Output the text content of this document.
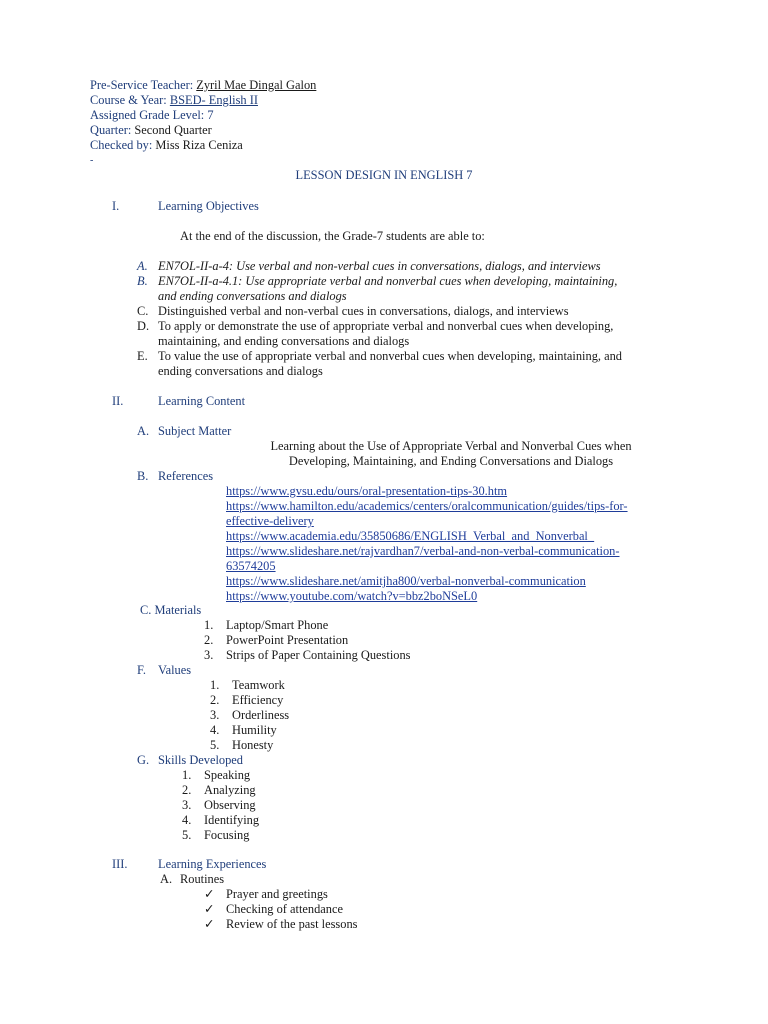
Pre-Service Teacher: Zyril Mae Dingal Galon
Course & Year: BSED- English II
Assigned Grade Level: 7
Quarter: Second Quarter
Checked by: Miss Riza Ceniza
-
LESSON DESIGN IN ENGLISH 7
I.	Learning Objectives
At the end of the discussion, the Grade-7 students are able to:
A. EN7OL-II-a-4: Use verbal and non-verbal cues in conversations, dialogs, and interviews
B. EN7OL-II-a-4.1: Use appropriate verbal and nonverbal cues when developing, maintaining,
and ending conversations and dialogs
C. Distinguished verbal and non-verbal cues in conversations, dialogs, and interviews
D. To apply or demonstrate the use of appropriate verbal and nonverbal cues when developing,
maintaining, and ending conversations and dialogs
E. To value the use of appropriate verbal and nonverbal cues when developing, maintaining, and
ending conversations and dialogs
II.	Learning Content
A. Subject Matter
Learning about the Use of Appropriate Verbal and Nonverbal Cues when
Developing, Maintaining, and Ending Conversations and Dialogs
B. References
https://www.gvsu.edu/ours/oral-presentation-tips-30.htm
https://www.hamilton.edu/academics/centers/oralcommunication/guides/tips-for-
effective-delivery
https://www.academia.edu/35850686/ENGLISH_Verbal_and_Nonverbal_
https://www.slideshare.net/rajvardhan7/verbal-and-non-verbal-communication-
63574205
https://www.slideshare.net/amitjha800/verbal-nonverbal-communication
https://www.youtube.com/watch?v=bbz2boNSeL0
C. Materials
1. Laptop/Smart Phone
2. PowerPoint Presentation
3. Strips of Paper Containing Questions
F. Values
1. Teamwork
2. Efficiency
3. Orderliness
4. Humility
5. Honesty
G. Skills Developed
1. Speaking
2. Analyzing
3. Observing
4. Identifying
5. Focusing
III. Learning Experiences
A. Routines
✓ Prayer and greetings
✓ Checking of attendance
✓ Review of the past lessons
